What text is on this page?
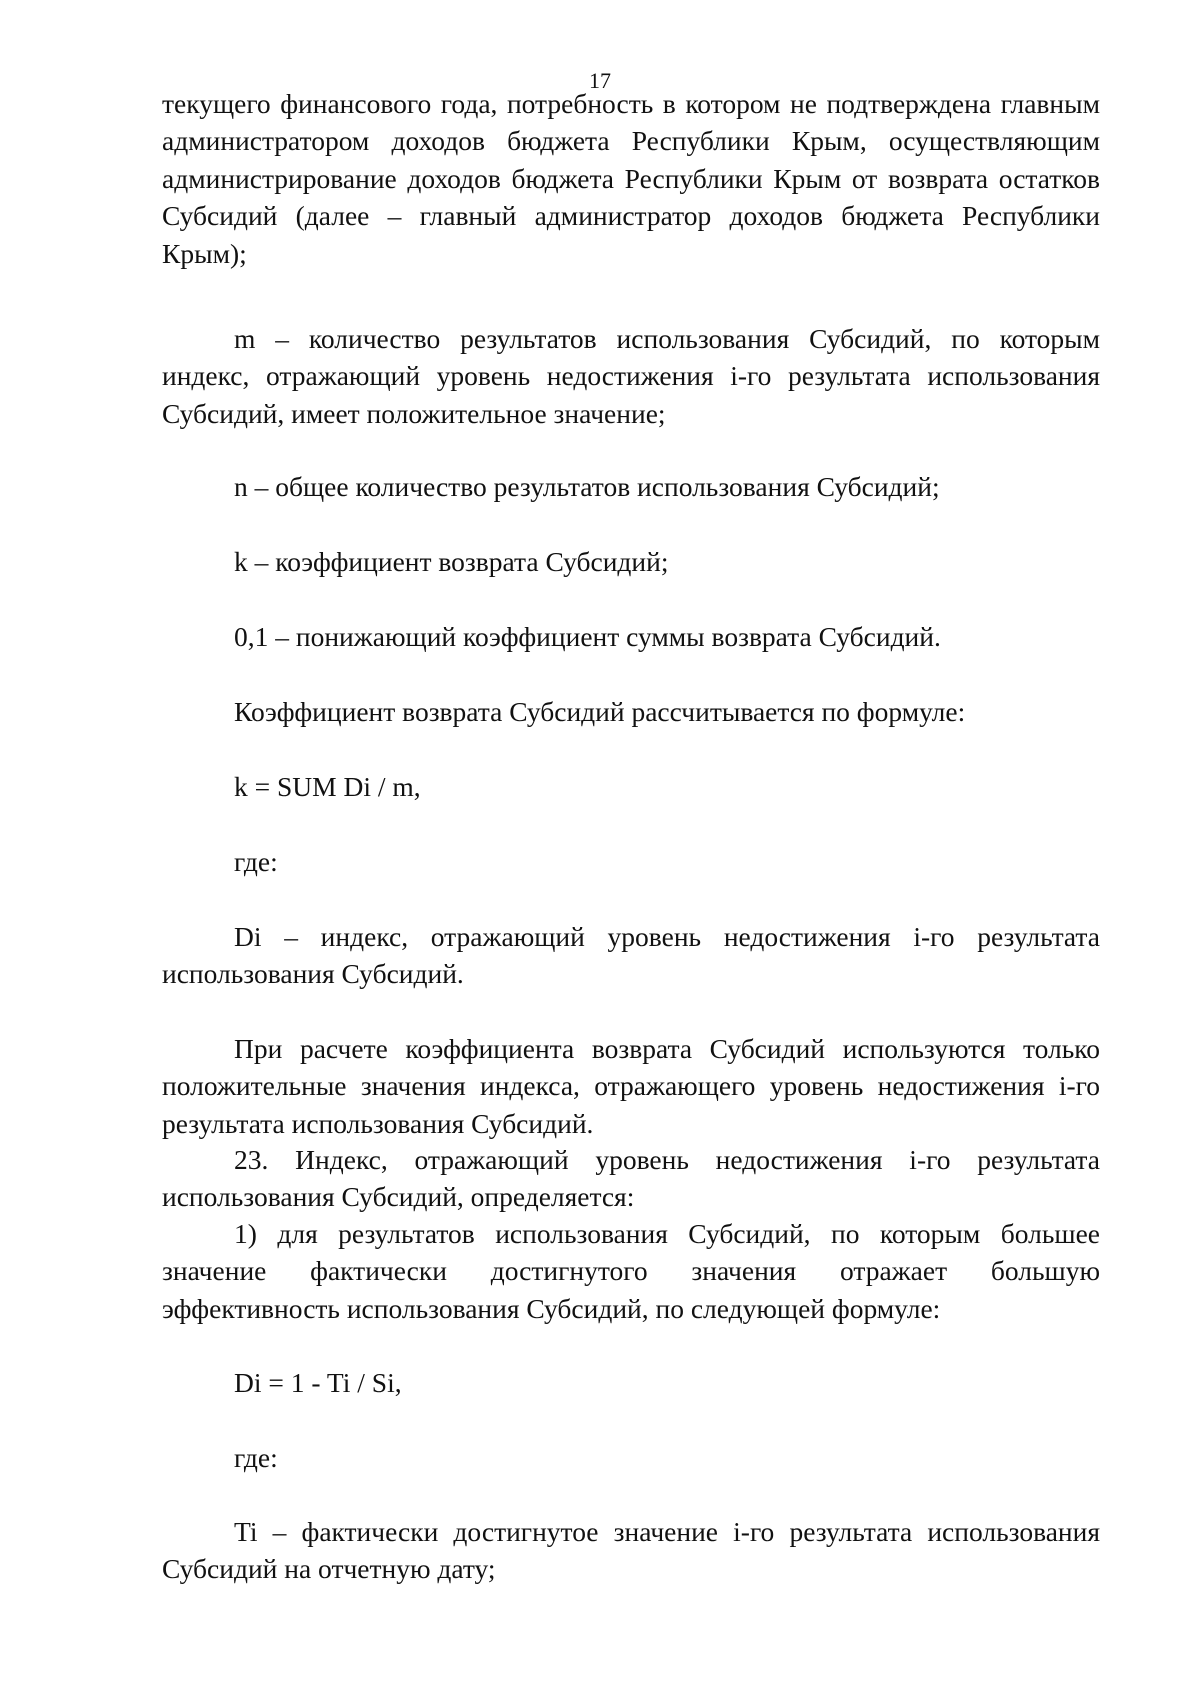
17

текущего финансового года, потребность в котором не подтверждена главным администратором доходов бюджета Республики Крым, осуществляющим администрирование доходов бюджета Республики Крым от возврата остатков Субсидий (далее – главный администратор доходов бюджета Республики Крым);

m – количество результатов использования Субсидий, по которым индекс, отражающий уровень недостижения i-го результата использования Субсидий, имеет положительное значение;

n – общее количество результатов использования Субсидий;

k – коэффициент возврата Субсидий;

0,1 – понижающий коэффициент суммы возврата Субсидий.

Коэффициент возврата Субсидий рассчитывается по формуле:

k = SUM Di / m,

где:

Di – индекс, отражающий уровень недостижения i-го результата использования Субсидий.

При расчете коэффициента возврата Субсидий используются только положительные значения индекса, отражающего уровень недостижения i-го результата использования Субсидий.

23. Индекс, отражающий уровень недостижения i-го результата использования Субсидий, определяется:

1) для результатов использования Субсидий, по которым большее значение фактически достигнутого значения отражает большую эффективность использования Субсидий, по следующей формуле:

Di = 1 - Ti / Si,

где:

Ti – фактически достигнутое значение i-го результата использования Субсидий на отчетную дату;
